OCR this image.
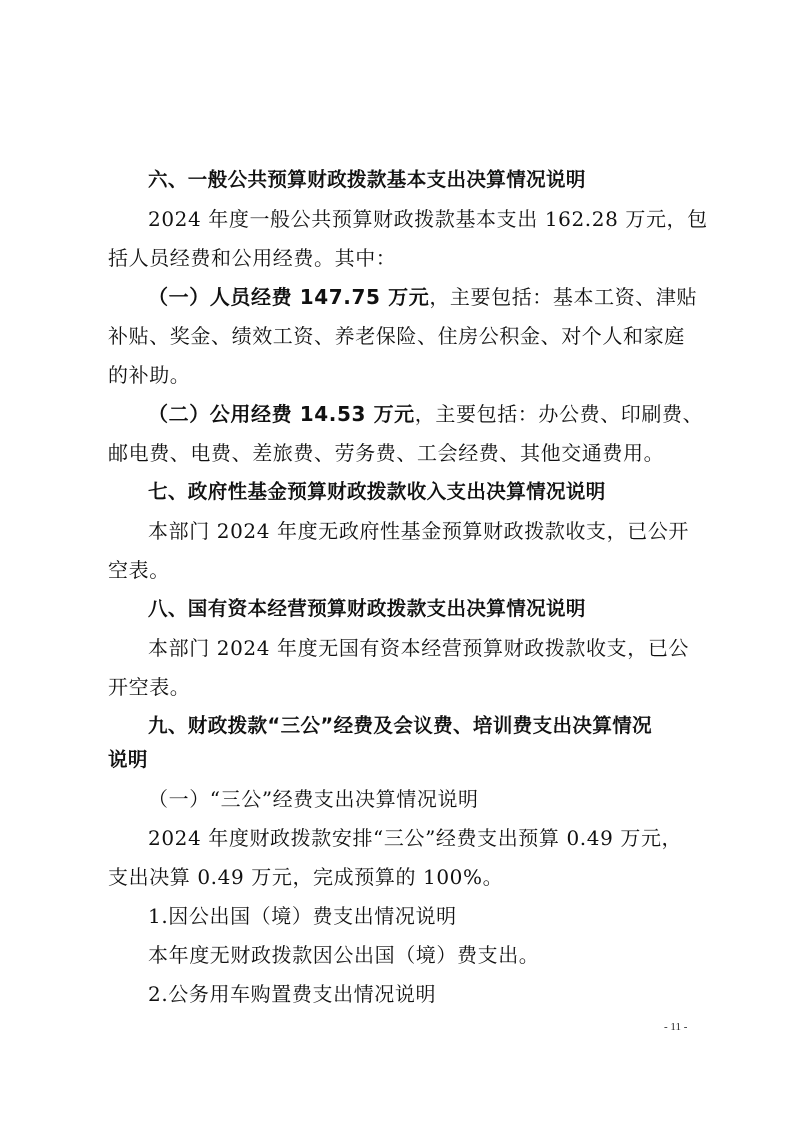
六、一般公共预算财政拨款基本支出决算情况说明
2024 年度一般公共预算财政拨款基本支出 162.28 万元，包
括人员经费和公用经费。其中：
（一）人员经费 147.75 万元，主要包括：基本工资、津贴
补贴、奖金、绩效工资、养老保险、住房公积金、对个人和家庭
的补助。
（二）公用经费 14.53 万元，主要包括：办公费、印刷费、
邮电费、电费、差旅费、劳务费、工会经费、其他交通费用。
七、政府性基金预算财政拨款收入支出决算情况说明
本部门 2024 年度无政府性基金预算财政拨款收支，已公开
空表。
八、国有资本经营预算财政拨款支出决算情况说明
本部门 2024 年度无国有资本经营预算财政拨款收支，已公
开空表。
九、财政拨款“三公”经费及会议费、培训费支出决算情况
说明
（一）“三公”经费支出决算情况说明
2024 年度财政拨款安排“三公”经费支出预算 0.49 万元，
支出决算 0.49 万元，完成预算的 100%。
1.因公出国（境）费支出情况说明
本年度无财政拨款因公出国（境）费支出。
2.公务用车购置费支出情况说明
- 11 -
